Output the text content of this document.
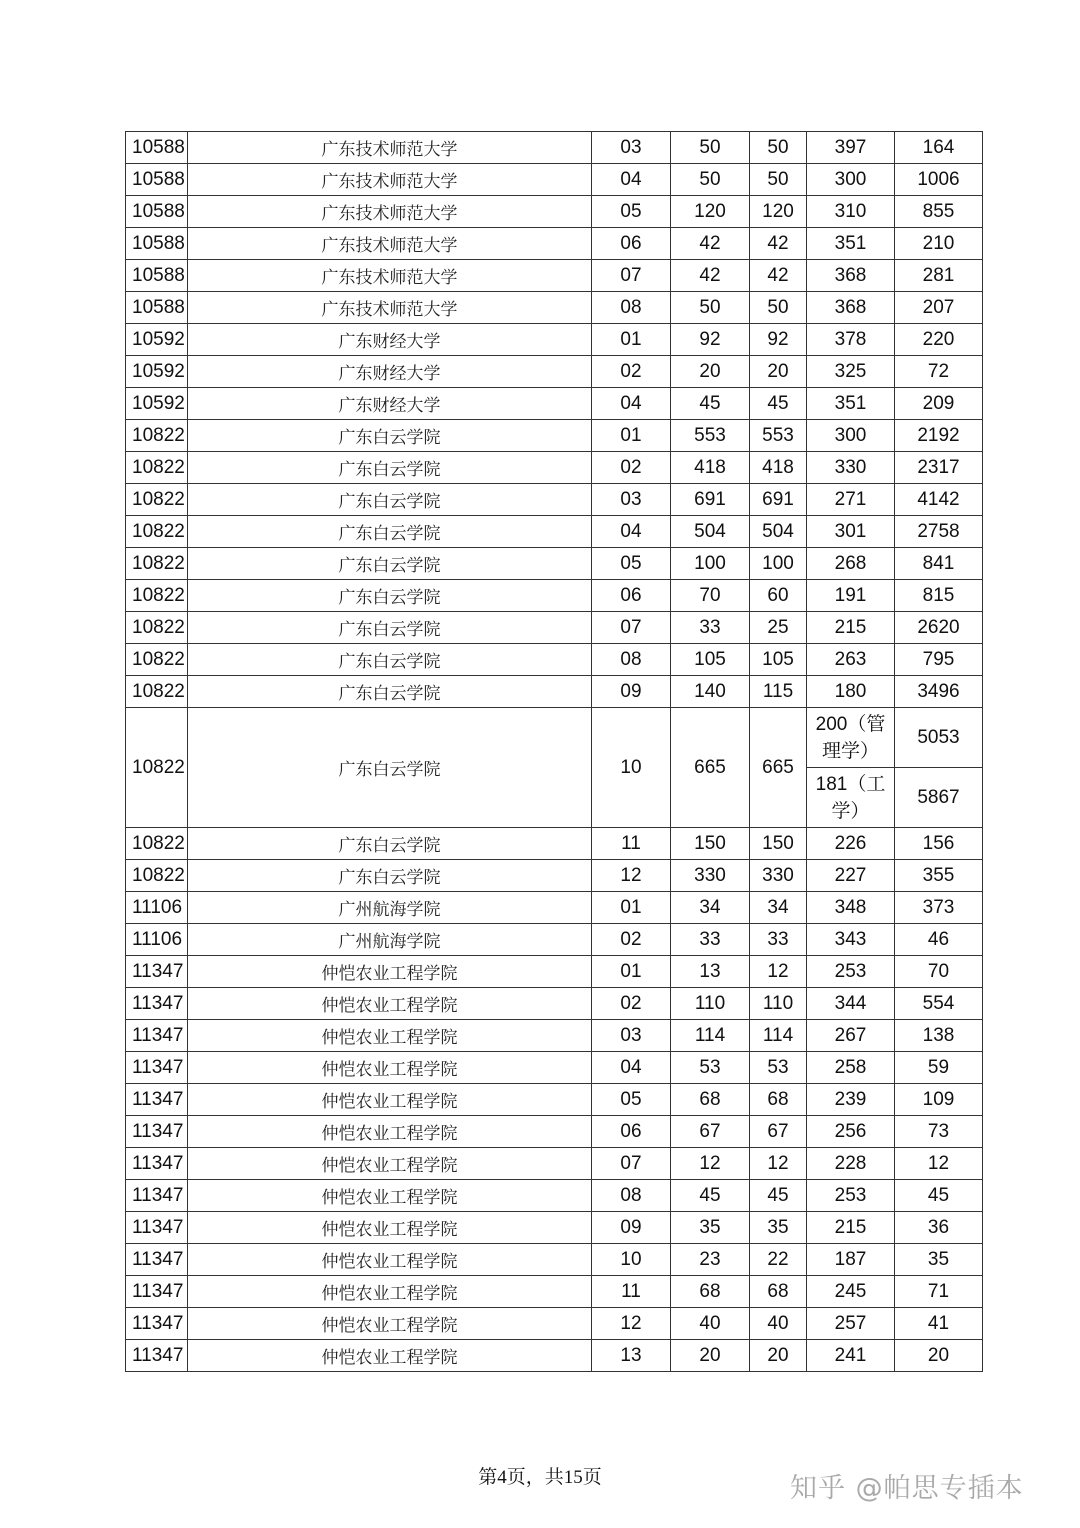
10588	广东技术师范大学	03	50	50	397	164
10588	广东技术师范大学	04	50	50	300	1006
10588	广东技术师范大学	05	120	120	310	855
10588	广东技术师范大学	06	42	42	351	210
10588	广东技术师范大学	07	42	42	368	281
10588	广东技术师范大学	08	50	50	368	207
10592	广东财经大学	01	92	92	378	220
10592	广东财经大学	02	20	20	325	72
10592	广东财经大学	04	45	45	351	209
10822	广东白云学院	01	553	553	300	2192
10822	广东白云学院	02	418	418	330	2317
10822	广东白云学院	03	691	691	271	4142
10822	广东白云学院	04	504	504	301	2758
10822	广东白云学院	05	100	100	268	841
10822	广东白云学院	06	70	60	191	815
10822	广东白云学院	07	33	25	215	2620
10822	广东白云学院	08	105	105	263	795
10822	广东白云学院	09	140	115	180	3496
10822	广东白云学院	10	665	665	200（管理学）	5053
					181（工学）	5867
10822	广东白云学院	11	150	150	226	156
10822	广东白云学院	12	330	330	227	355
11106	广州航海学院	01	34	34	348	373
11106	广州航海学院	02	33	33	343	46
11347	仲恺农业工程学院	01	13	12	253	70
11347	仲恺农业工程学院	02	110	110	344	554
11347	仲恺农业工程学院	03	114	114	267	138
11347	仲恺农业工程学院	04	53	53	258	59
11347	仲恺农业工程学院	05	68	68	239	109
11347	仲恺农业工程学院	06	67	67	256	73
11347	仲恺农业工程学院	07	12	12	228	12
11347	仲恺农业工程学院	08	45	45	253	45
11347	仲恺农业工程学院	09	35	35	215	36
11347	仲恺农业工程学院	10	23	22	187	35
11347	仲恺农业工程学院	11	68	68	245	71
11347	仲恺农业工程学院	12	40	40	257	41
11347	仲恺农业工程学院	13	20	20	241	20
第4页，共15页	知乎 @帕思专插本
